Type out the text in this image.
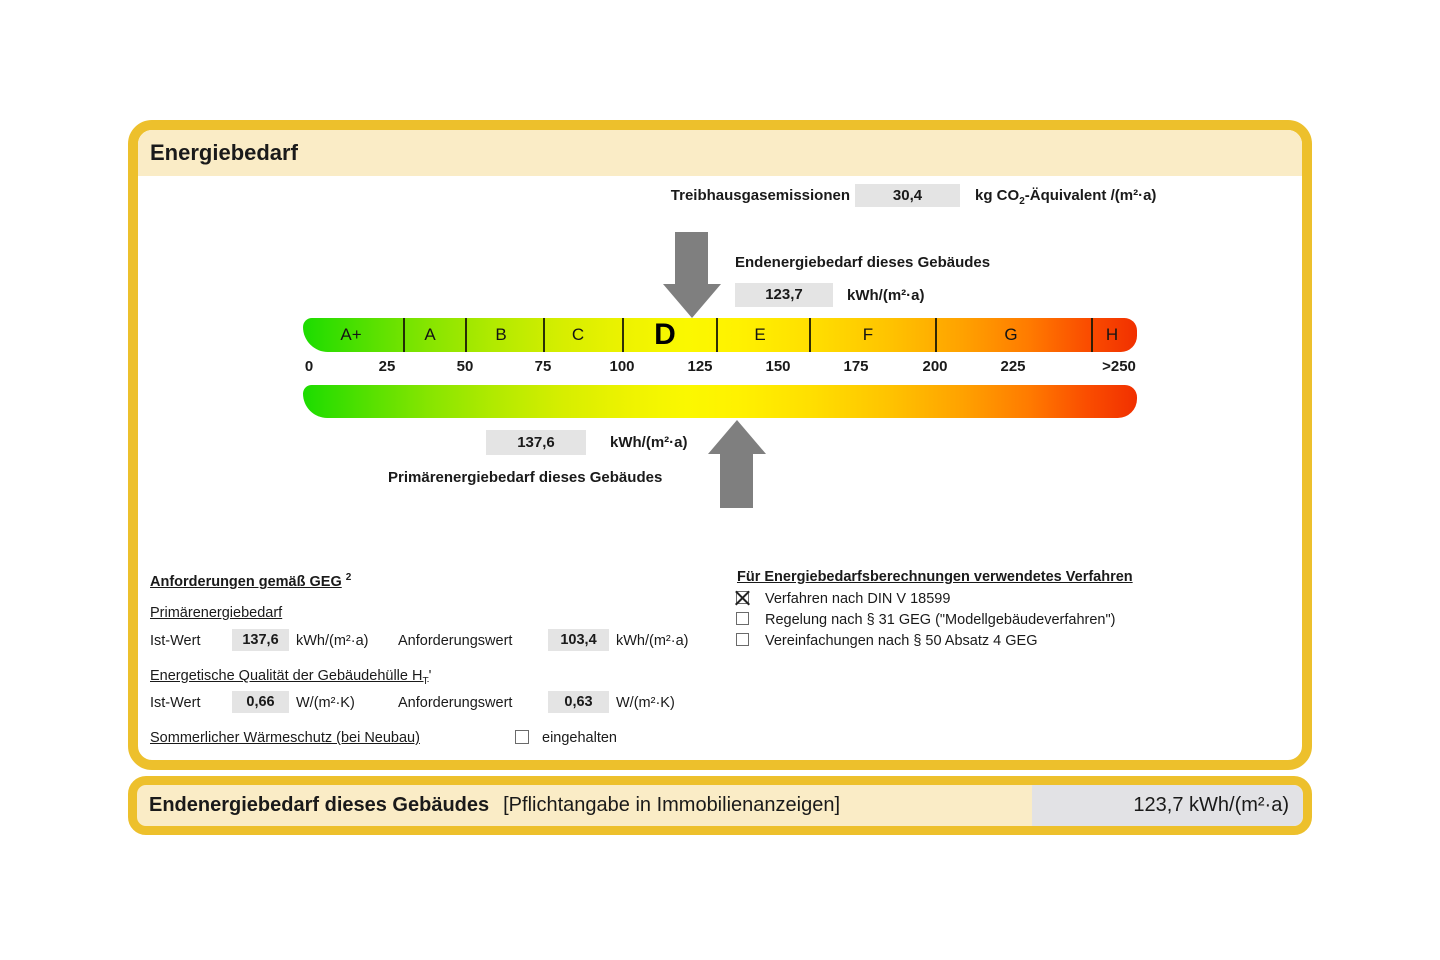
Energiebedarf
Treibhausgasemissionen	30,4	kg $CO_2$-Äquivalent /(m²·a)
Endenergiebedarf dieses Gebäudes
123,7	kWh/(m²·a)
A+	A	B	C D	E	F	G	H
0	25	50	75	100	125	150	175	200	225	>250
137,6	kWh/(m²·a)
Primärenergiebedarf dieses Gebäudes
Anforderungen gemäß GEG $^2$
Primärenergiebedarf
Ist-Wert	137,6	kWh/(m²·a) Anforderungswert	103,4	kWh/(m²·a)
Energetische Qualität der Gebäudehülle $H_T'$
Ist-Wert	0,66	W/(m²·K)	Anforderungswert	0,63	W/(m²·K)
Sommerlicher Wärmeschutz (bei Neubau)	eingehalten
Für Energiebedarfsberechnungen verwendetes Verfahren
Verfahren nach DIN V 18599
Regelung nach § 31 GEG ("Modellgebäudeverfahren")
Vereinfachungen nach § 50 Absatz 4 GEG
Endenergiebedarf dieses Gebäudes [Pflichtangabe in Immobilienanzeigen]	123,7 kWh/(m²·a)
